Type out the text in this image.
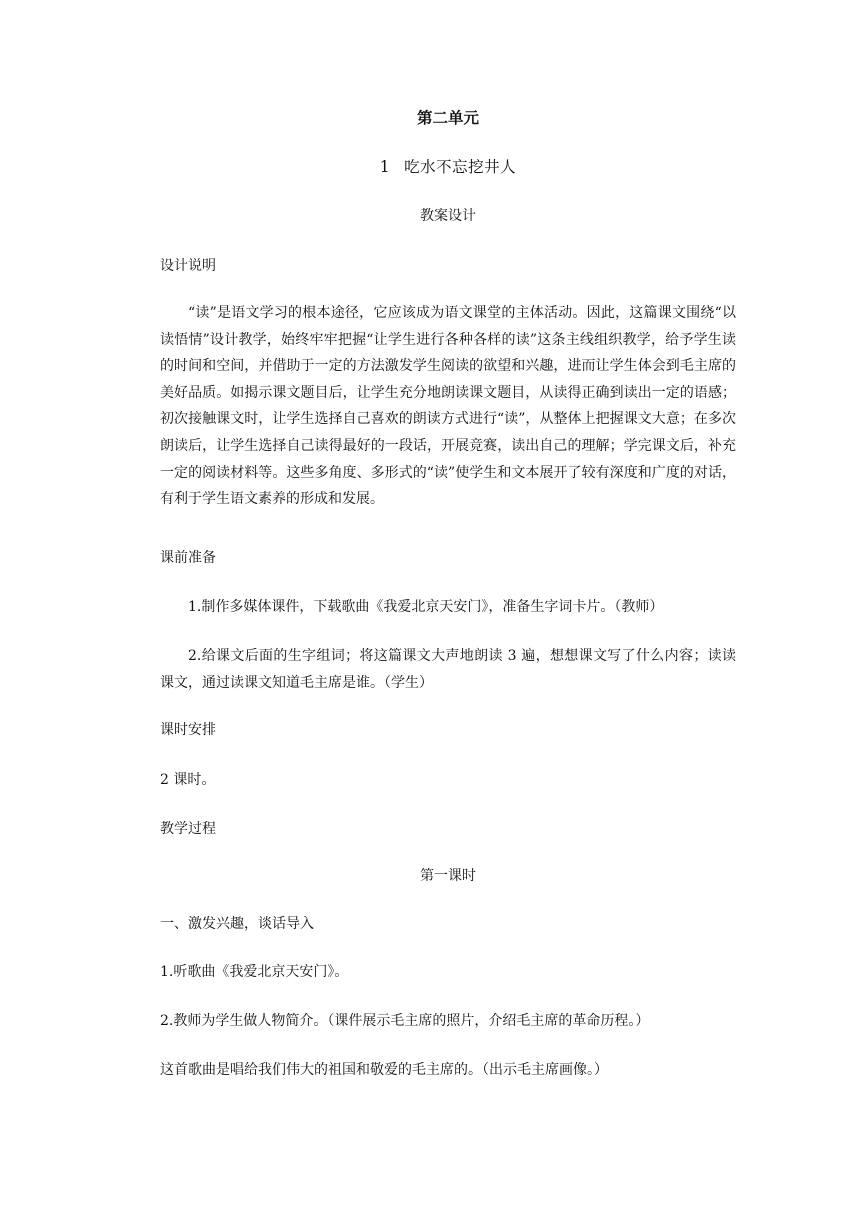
第二单元

1 吃水不忘挖井人

教案设计

设计说明

“读”是语文学习的根本途径，它应该成为语文课堂的主体活动。因此，这篇课文围绕“以读悟情”设计教学，始终牢牢把握“让学生进行各种各样的读”这条主线组织教学，给予学生读的时间和空间，并借助于一定的方法激发学生阅读的欲望和兴趣，进而让学生体会到毛主席的美好品质。如揭示课文题目后，让学生充分地朗读课文题目，从读得正确到读出一定的语感；初次接触课文时，让学生选择自己喜欢的朗读方式进行“读”，从整体上把握课文大意；在多次朗读后，让学生选择自己读得最好的一段话，开展竞赛，读出自己的理解；学完课文后，补充一定的阅读材料等。这些多角度、多形式的“读”使学生和文本展开了较有深度和广度的对话，有利于学生语文素养的形成和发展。

课前准备

1.制作多媒体课件，下载歌曲《我爱北京天安门》，准备生字词卡片。（教师）

2.给课文后面的生字组词；将这篇课文大声地朗读 3 遍，想想课文写了什么内容；读读课文，通过读课文知道毛主席是谁。（学生）

课时安排

2 课时。

教学过程

第一课时

一、激发兴趣，谈话导入

1.听歌曲《我爱北京天安门》。

2.教师为学生做人物简介。（课件展示毛主席的照片，介绍毛主席的革命历程。）

这首歌曲是唱给我们伟大的祖国和敬爱的毛主席的。（出示毛主席画像。）
